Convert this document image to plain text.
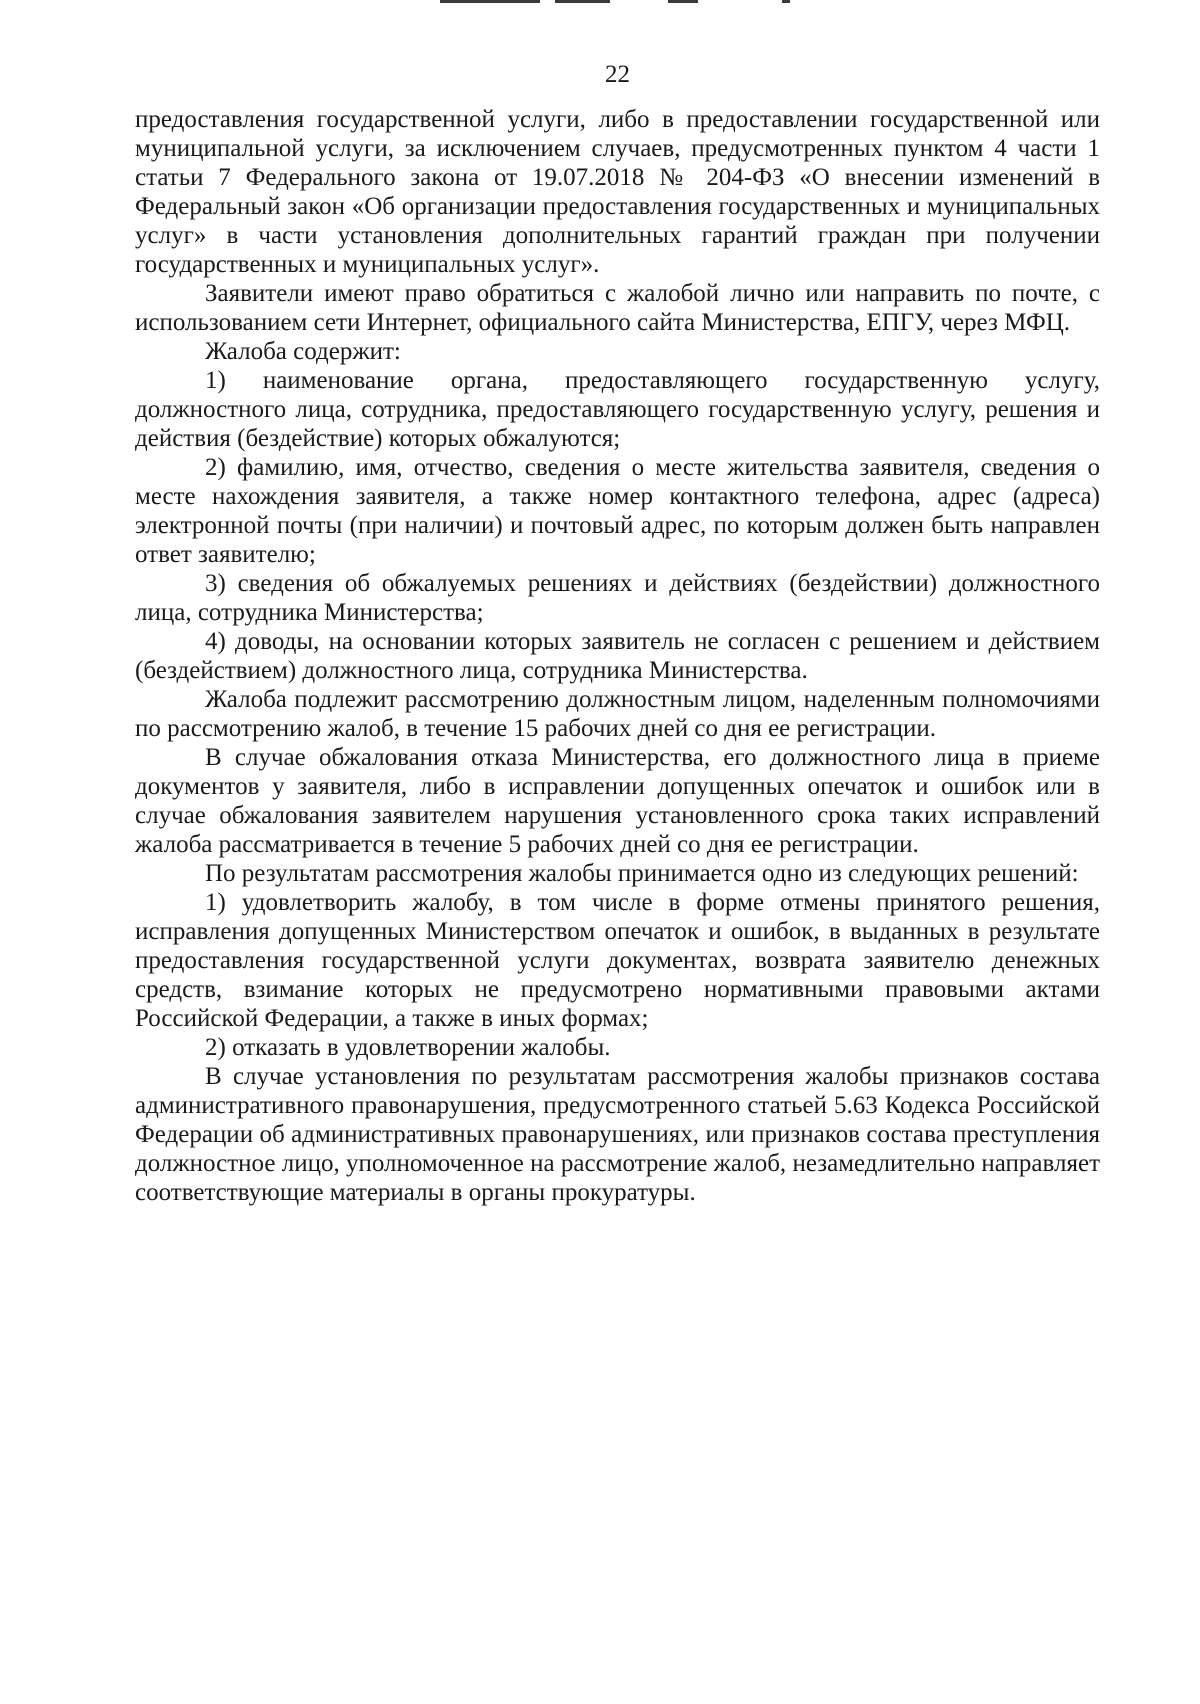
22

предоставления государственной услуги, либо в предоставлении государственной или муниципальной услуги, за исключением случаев, предусмотренных пунктом 4 части 1 статьи 7 Федерального закона от 19.07.2018 № 204-ФЗ «О внесении изменений в Федеральный закон «Об организации предоставления государственных и муниципальных услуг» в части установления дополнительных гарантий граждан при получении государственных и муниципальных услуг».

Заявители имеют право обратиться с жалобой лично или направить по почте, с использованием сети Интернет, официального сайта Министерства, ЕПГУ, через МФЦ.

Жалоба содержит:

1) наименование органа, предоставляющего государственную услугу, должностного лица, сотрудника, предоставляющего государственную услугу, решения и действия (бездействие) которых обжалуются;

2) фамилию, имя, отчество, сведения о месте жительства заявителя, сведения о месте нахождения заявителя, а также номер контактного телефона, адрес (адреса) электронной почты (при наличии) и почтовый адрес, по которым должен быть направлен ответ заявителю;

3) сведения об обжалуемых решениях и действиях (бездействии) должностного лица, сотрудника Министерства;

4) доводы, на основании которых заявитель не согласен с решением и действием (бездействием) должностного лица, сотрудника Министерства.

Жалоба подлежит рассмотрению должностным лицом, наделенным полномочиями по рассмотрению жалоб, в течение 15 рабочих дней со дня ее регистрации.

В случае обжалования отказа Министерства, его должностного лица в приеме документов у заявителя, либо в исправлении допущенных опечаток и ошибок или в случае обжалования заявителем нарушения установленного срока таких исправлений жалоба рассматривается в течение 5 рабочих дней со дня ее регистрации.

По результатам рассмотрения жалобы принимается одно из следующих решений:

1) удовлетворить жалобу, в том числе в форме отмены принятого решения, исправления допущенных Министерством опечаток и ошибок, в выданных в результате предоставления государственной услуги документах, возврата заявителю денежных средств, взимание которых не предусмотрено нормативными правовыми актами Российской Федерации, а также в иных формах;

2) отказать в удовлетворении жалобы.

В случае установления по результатам рассмотрения жалобы признаков состава административного правонарушения, предусмотренного статьей 5.63 Кодекса Российской Федерации об административных правонарушениях, или признаков состава преступления должностное лицо, уполномоченное на рассмотрение жалоб, незамедлительно направляет соответствующие материалы в органы прокуратуры.
